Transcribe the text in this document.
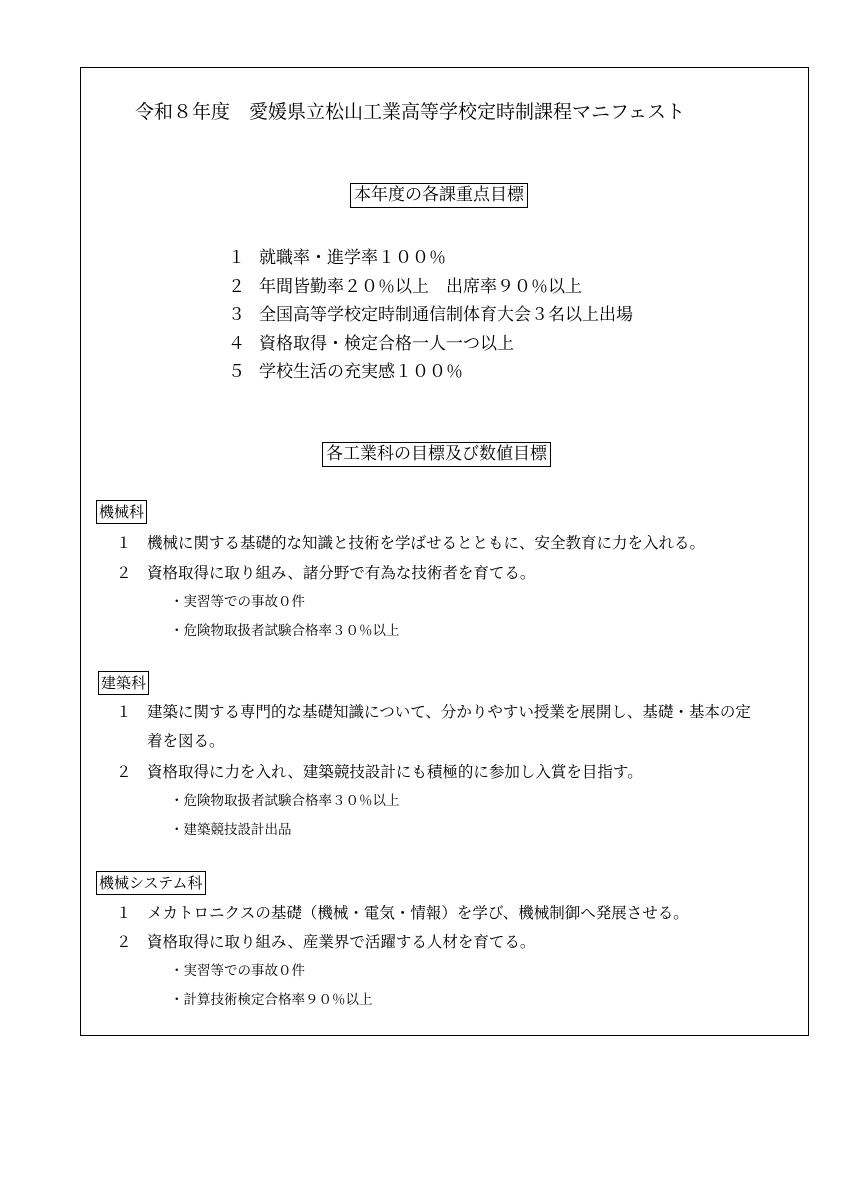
令和８年度　愛媛県立松山工業高等学校定時制課程マニフェスト
本年度の各課重点目標
１ 就職率・進学率１００％
２ 年間皆勤率２０％以上　出席率９０％以上
３ 全国高等学校定時制通信制体育大会３名以上出場
４ 資格取得・検定合格一人一つ以上
５ 学校生活の充実感１００％
各工業科の目標及び数値目標
機械科
１ 機械に関する基礎的な知識と技術を学ばせるとともに、安全教育に力を入れる。
２ 資格取得に取り組み、諸分野で有為な技術者を育てる。
・実習等での事故０件
・危険物取扱者試験合格率３０％以上
建築科
１ 建築に関する専門的な基礎知識について、分かりやすい授業を展開し、基礎・基本の定着を図る。
２ 資格取得に力を入れ、建築競技設計にも積極的に参加し入賞を目指す。
・危険物取扱者試験合格率３０％以上
・建築競技設計出品
機械システム科
１ メカトロニクスの基礎（機械・電気・情報）を学び、機械制御へ発展させる。
２ 資格取得に取り組み、産業界で活躍する人材を育てる。
・実習等での事故０件
・計算技術検定合格率９０％以上
